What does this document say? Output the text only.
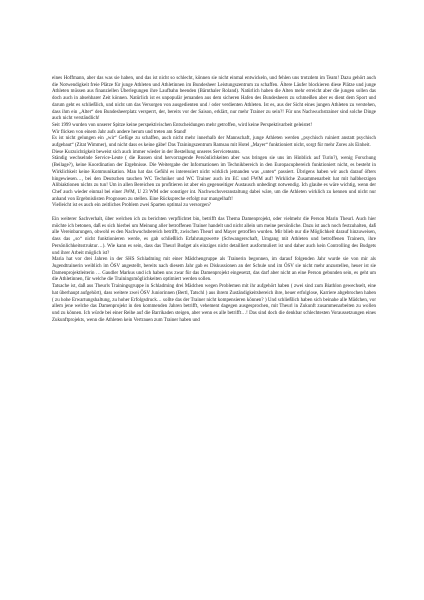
eines Hoffmann, aber das was sie haben, und das ist nicht so schlecht, können sie nicht einmal entwickeln, und fehlen uns trotzdem im Team! Dazu gehört auch die Notwendigkeit freie Plätze für junge Athleten und Athletinnen im Bundesheer Leistungszentrum zu schaffen. Ältere Läufer blockieren diese Plätze und junge Athleten müssen aus finanziellen Überlegungen ihre Laufbahn beenden (Bärnthaler Roland). Natürlich haben die Alten mehr erreicht aber die jungen sollen das doch auch in absehbarer Zeit können. Natürlich ist es unpopulär jemanden aus dem sicheren Hafen des Bundesheers zu schmeißen aber es dient dem Sport und darum geht es schließlich, und nicht um das Versorgen von ausgedienten und / oder verdienten Athleten. Ist es, aus der Sicht eines jungen Athleten zu verstehen, dass ihm ein „Alter“ den Bundesheerplatz versperrt, der, bereits vor der Saison, erklärt, nur mehr Trainer zu sein?! Für uns Nachwuchstrainer sind solche Dinge auch nicht verständlich!

Seit 1999 wurden von unserer Spitze keine perspektivischen Entscheidungen mehr getroffen, wird keine Perspektivarbeit geleistet!

Wir flicken von einem Jahr aufs andere herum und treten am Stand!

Es ist nicht gelungen ein „wir“ Gefüge zu schaffen, auch nicht mehr innerhalb der Mannschaft, junge Athleten werden „psychisch ruiniert anstatt psychisch aufgebaut“ (Zitat Wimmer), und nicht dass es keine gäbe! Das Trainingszentrum Ramsau mit Hotel „Mayer“ funktioniert nicht, sorgt für mehr Zores als Einheit.

Diese Kurzsichtigkeit beweist sich auch immer wieder in der Bestellung unseres Serviceteams.

Ständig wechselnde Service-Leute ( die Russen sind hervorragende Persönlichkeiten aber was bringen sie uns im Hinblick auf Turin?), wenig Forschung (Beilage?), keine Koordination der Ergebnisse. Die Weitergabe der Informationen im Technikbereich in den Europacupbereich funktioniert nicht, es besteht in Wirklichkeit keine Kommunikation. Man hat das Gefühl es interessiert nicht wirklich jemanden was „unten“ passiert. Übrigens haben wir auch darauf öfters hingewiesen…, bei den Deutschen tauchen WC Techniker und WC Trainer auch im EC und FWM auf! Wirkliche Zusammenarbeit hat mit halbherzigen Alibiaktionen nichts zu tun! Um in allen Bereichen zu profitieren ist aber ein gegenseitiger Austausch unbedingt notwendig. Ich glaube es wäre wichtig, wenn der Chef auch wieder einmal bei einer JWM, U 23 WM oder sonstiger int. Nachwuchsveranstaltung dabei wäre, um die Athleten wirklich zu kennen und nicht nur anhand von Ergebnislisten Prognosen zu stellen. Eine Rückspreche erfolgt nur mangelhaft!

Vielleicht ist es auch ein zeitliches Problem zwei Sparten optimal zu versorgen?

Ein weiterer Sachverhalt, über welchen ich zu berichten verpflichtet bin, betrifft das Thema Damenprojekt, oder vielmehr die Person Marin Theurl. Auch hier möchte ich betonen, daß es sich hierbei um Meinung aller betroffenen Trainer handelt und nicht allein um meine persönliche. Dazu ist auch noch festzuhalten, daß alle Vereinbarungen, obwohl es den Nachwuchsbereich betrifft, zwischen Theurl und Mayer getroffen wurden. Mir blieb nur die Möglichkeit darauf hinzuweisen, dass das „so“ nicht funktionieren werde, es gab schließlich Erfahrungswerte (Schwangerschaft, Umgang mit Athleten und betroffenen Trainern, ihre Persönlichkeitsstruktur…). Wie kann es sein, dass das Theurl Budget als einziges nicht detailliert ausformuliert ist und daher auch kein Controlling des Budgets und ihrer Arbeit möglich ist?

Maria hat vor drei Jahren in der SHS Schladming mit einer Mädchengruppe als Trainerin begonnen, im darauf folgenden Jahr wurde sie von mir als Jugendtrainerin weiblich im ÖSV angestellt, bereits nach diesem Jahr gab es Diskussionen an der Schule und im ÖSV sie nicht mehr anzustellen, heuer ist sie Damenprojektleiterin … Gaudler Markus und ich haben uns zwar für das Damenprojekt eingesetzt, das darf aber nicht an eine Person gebunden sein, es geht um die Athletinnen, für welche die Trainingsmöglichkeiten optimiert werden sollen.

Tatsache ist, daß aus Theurls Trainingsgruppe in Schladming drei Mädchen wegen Problemen mit ihr aufgehört haben ( zwei sind zum Biathlon gewechselt, eine hat überhaupt aufgehört), dass weitere zwei ÖSV Juniorinnen (Bertl, Tatschl ) aus ihrem Zuständigkeitsbereich ihre, heuer erfolglose, Karriere abgebrochen haben ( zu hohe Erwartungshaltung, zu hoher Erfolgsdruck… sollte das der Trainer nicht kompensieren können? ) Und schließlich haben sich beinahe alle Mädchen, vor allem jene welche das Damenprojekt in den kommenden Jahren betrifft, vehement dagegen ausgesprochen, mit Theurl in Zukunft zusammenarbeiten zu wollen und zu können. Ich würde bei einer Reihe auf die Barrikaden steigen, aber wenn es alle betrifft…! Das sind doch die denkbar schlechtesten Voraussetzungen eines Zukunftprojekts, wenn die Athleten kein Vertrauen zum Trainer haben und
